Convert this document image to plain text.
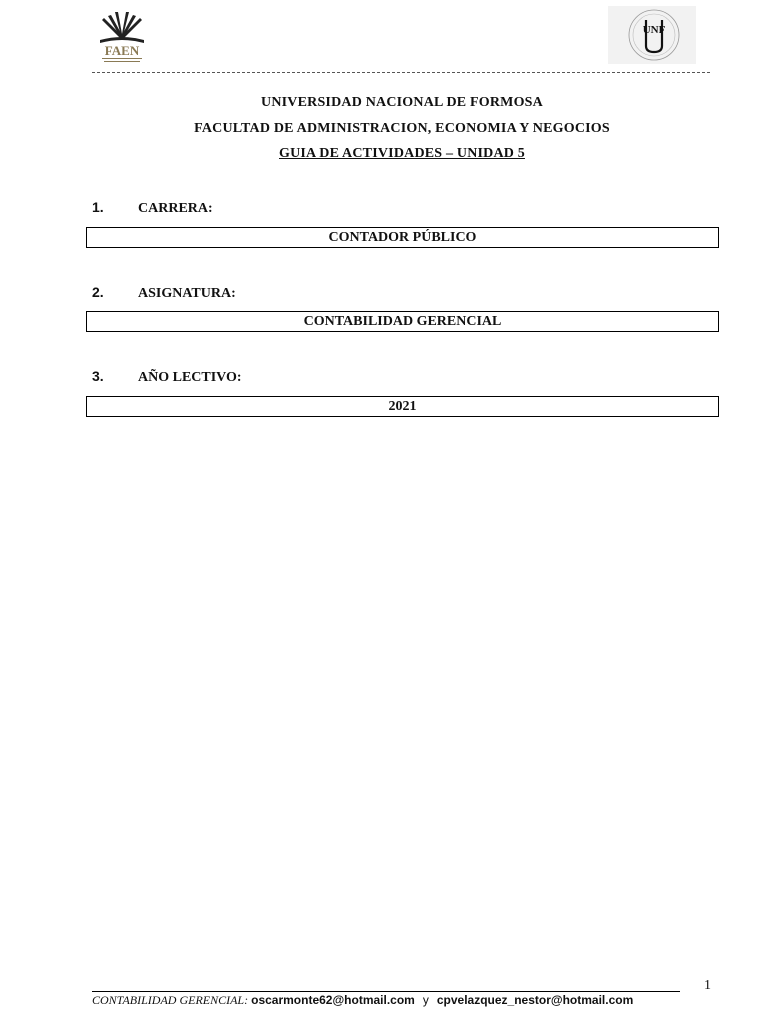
FAEN
UNF
UNIVERSIDAD NACIONAL DE FORMOSA
FACULTAD DE ADMINISTRACION, ECONOMIA Y NEGOCIOS
GUIA DE ACTIVIDADES – UNIDAD 5
1. CARRERA:
CONTADOR PÚBLICO
2. ASIGNATURA:
CONTABILIDAD GERENCIAL
3. AÑO LECTIVO:
2021
1
CONTABILIDAD GERENCIAL: oscarmonte62@hotmail.com y cpvelazquez_nestor@hotmail.com
